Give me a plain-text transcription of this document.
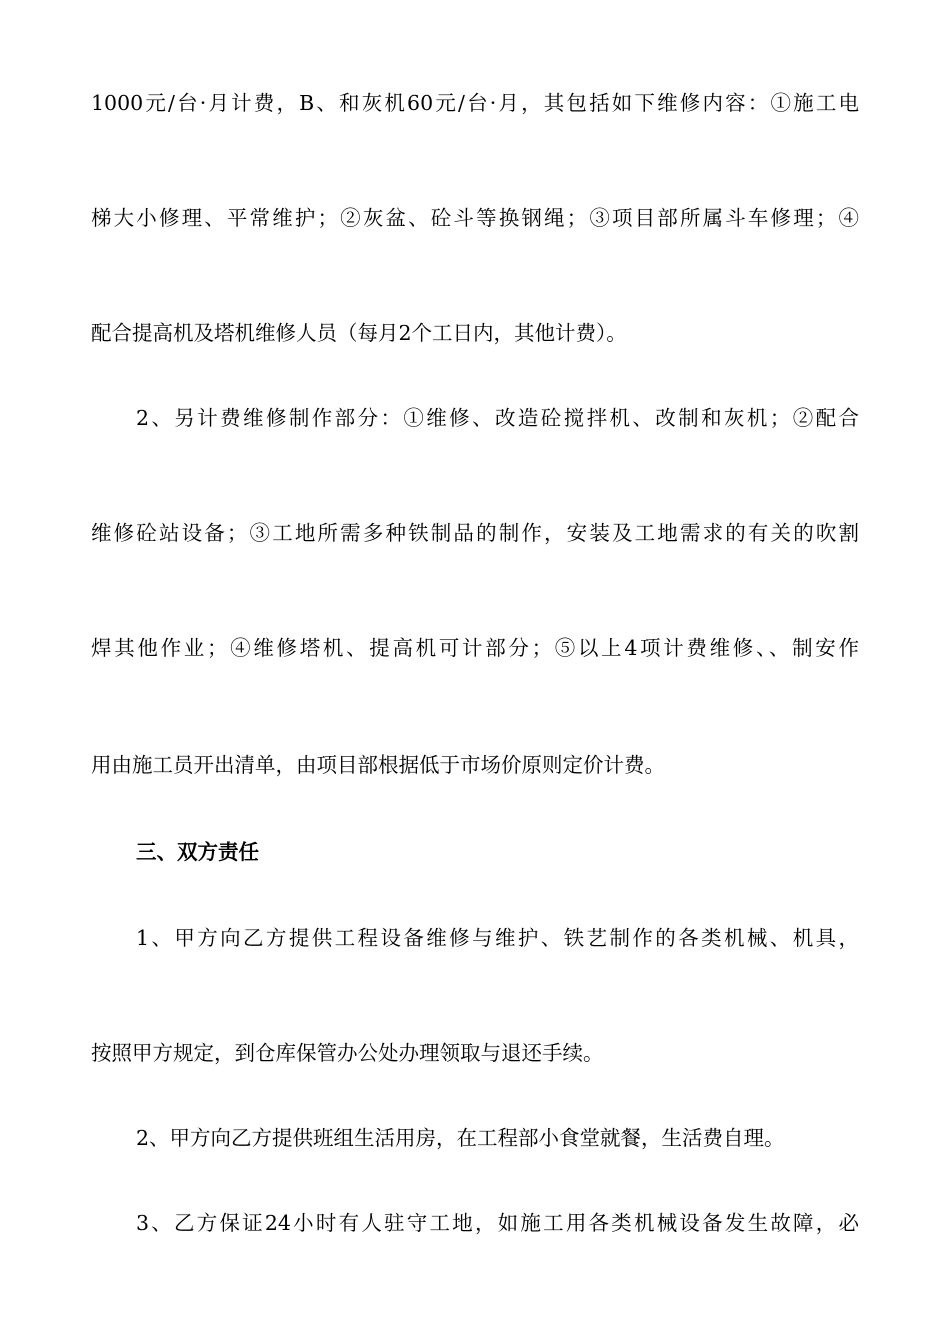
1000元/台·月计费，B、和灰机60元/台·月，其包括如下维修内容：①施工电
梯大小修理、平常维护；②灰盆、砼斗等换钢绳；③项目部所属斗车修理；④
配合提高机及塔机维修人员（每月2个工日内，其他计费）。
2、另计费维修制作部分：①维修、改造砼搅拌机、改制和灰机；②配合
维修砼站设备；③工地所需多种铁制品的制作，安装及工地需求的有关的吹割
焊其他作业；④维修塔机、提高机可计部分；⑤以上4项计费维修、、制安作
用由施工员开出清单，由项目部根据低于市场价原则定价计费。
三、双方责任
1、甲方向乙方提供工程设备维修与维护、铁艺制作的各类机械、机具，
按照甲方规定，到仓库保管办公处办理领取与退还手续。
2、甲方向乙方提供班组生活用房，在工程部小食堂就餐，生活费自理。
3、乙方保证24小时有人驻守工地，如施工用各类机械设备发生故障，必
